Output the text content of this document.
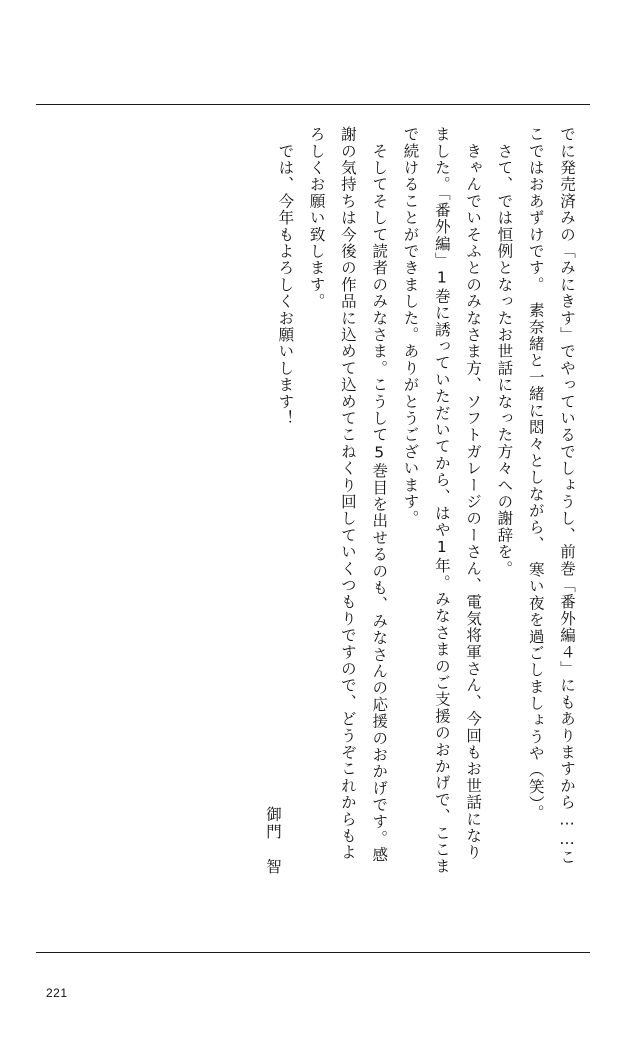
でに発売済みの「みにきす」でやっているでしょうし、前巻「番外編４」にもありますから……こ

こではおあずけです。　素奈緒と一緒に悶々としながら、　寒い夜を過ごしましょうや（笑）。

　さて、では恒例となったお世話になった方々への謝辞を。

　きゃんでいそふとのみなさま方、ソフトガレージのーさん、電気将軍さん、今回もお世話になり

ました。「番外編」1巻に誘っていただいてから、はや1年。みなさまのご支援のおかげで、ここま

で続けることができました。ありがとうございます。

　そしてそして読者のみなさま。こうして5巻目を出せるのも、みなさんの応援のおかげです。感

謝の気持ちは今後の作品に込めて込めてこねくり回していくつもりですので、どうぞこれからもよ

ろしくお願い致します。

　では、今年もよろしくお願いします！

御門　智
221
